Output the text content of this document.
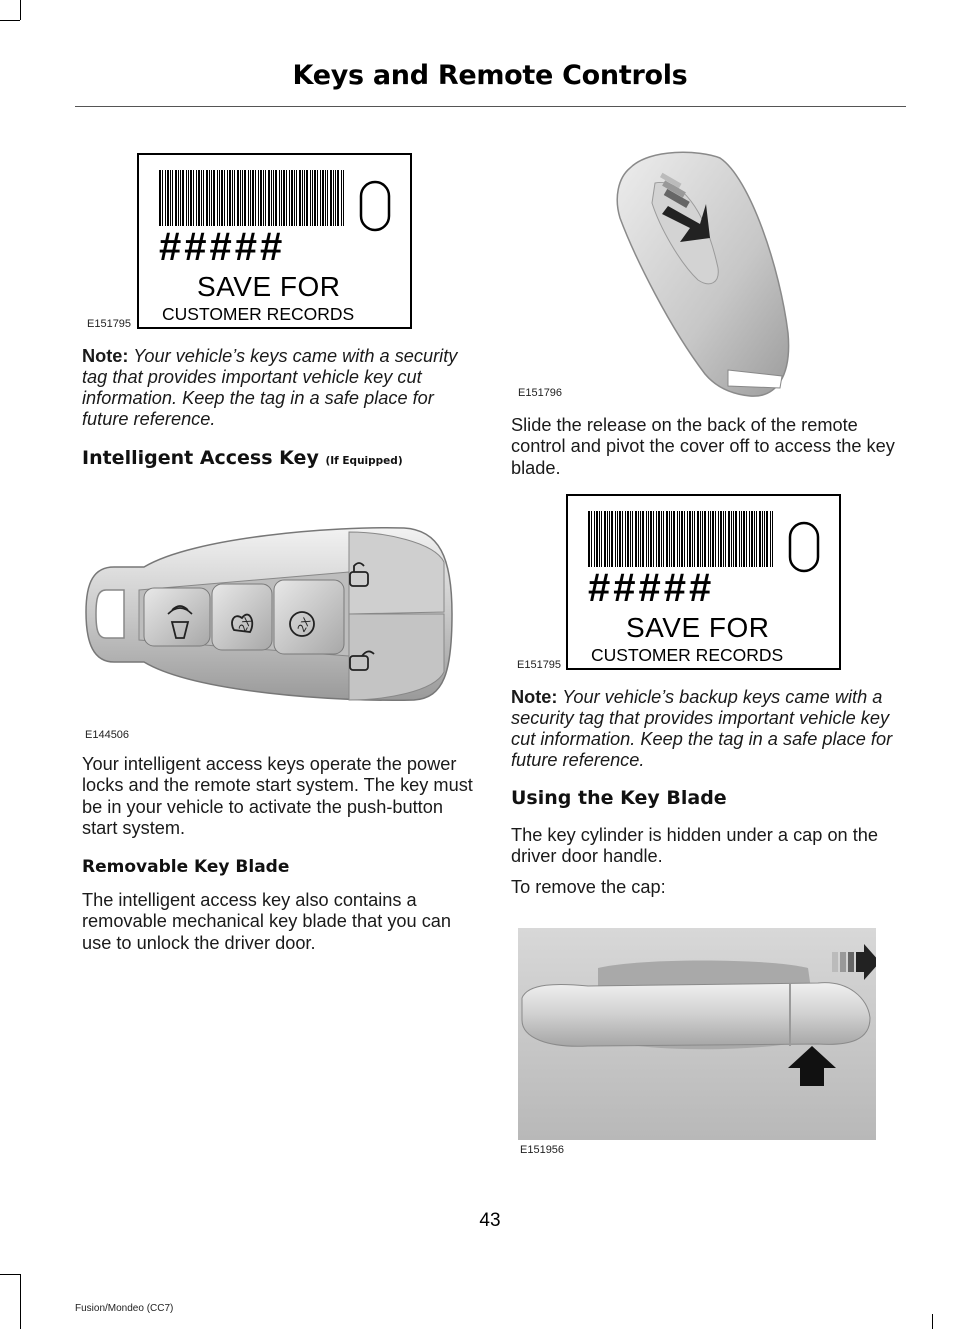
Keys and Remote Controls
E151795
#####
SAVE FOR
CUSTOMER RECORDS
Note: Your vehicle’s keys came with a security tag that provides important vehicle key cut information. Keep the tag in a safe place for future reference.
Intelligent Access Key (If Equipped)
2X	2X
E144506
Your intelligent access keys operate the power locks and the remote start system. The key must be in your vehicle to activate the push-button start system.
Removable Key Blade
The intelligent access key also contains a removable mechanical key blade that you can use to unlock the driver door.
E151796
Slide the release on the back of the remote control and pivot the cover off to access the key blade.
E151795
#####
SAVE FOR
CUSTOMER RECORDS
Note: Your vehicle’s backup keys came with a security tag that provides important vehicle key cut information. Keep the tag in a safe place for future reference.
Using the Key Blade
The key cylinder is hidden under a cap on the driver door handle.
To remove the cap:
E151956
43
Fusion/Mondeo (CC7)
